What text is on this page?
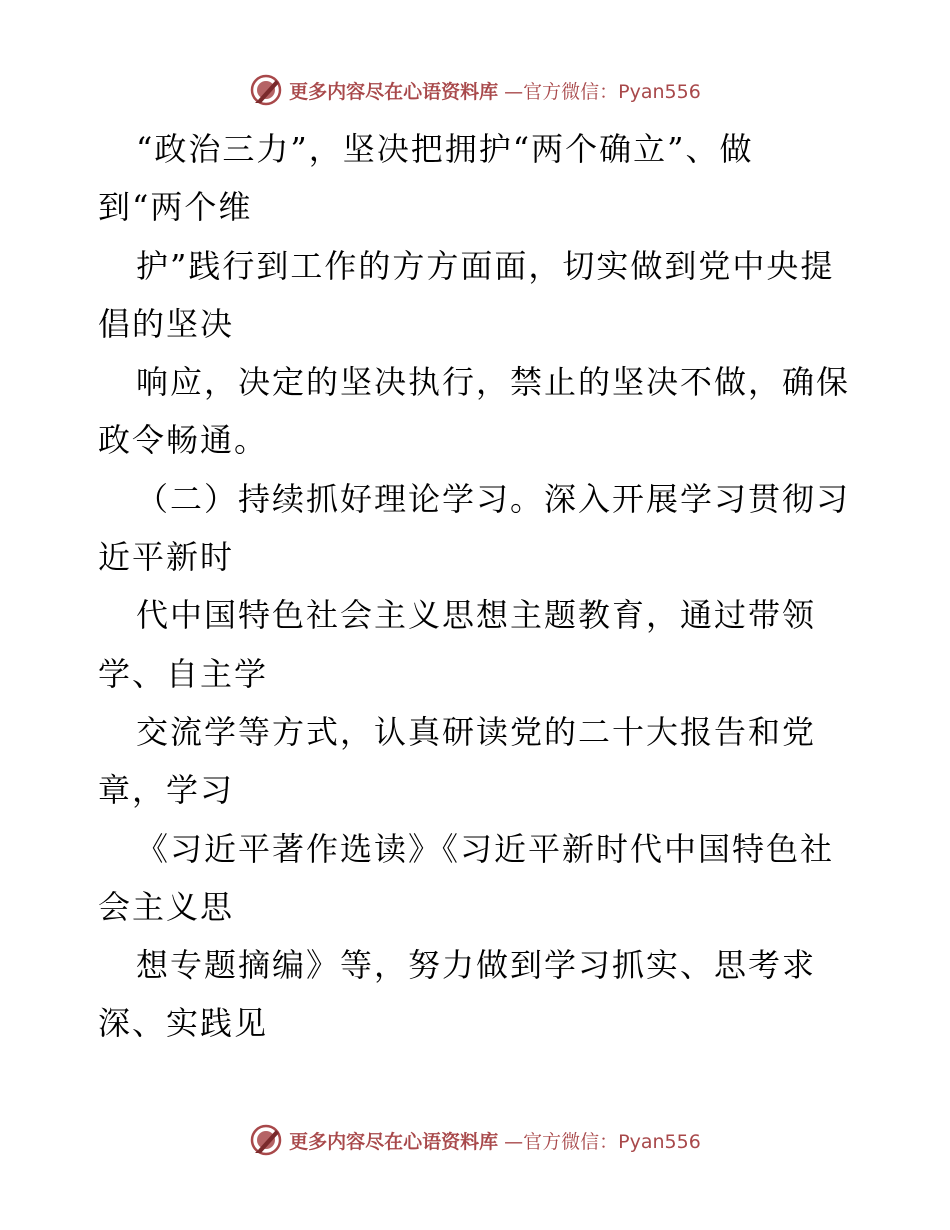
更多内容尽在心语资料库 —官方微信：Pyan556
“政治三力”，坚决把拥护“两个确立”、做
到“两个维
护”践行到工作的方方面面，切实做到党中央提
倡的坚决
响应，决定的坚决执行，禁止的坚决不做，确保
政令畅通。
（二）持续抓好理论学习。深入开展学习贯彻习
近平新时
代中国特色社会主义思想主题教育，通过带领
学、自主学
交流学等方式，认真研读党的二十大报告和党
章，学习
《习近平著作选读》《习近平新时代中国特色社
会主义思
想专题摘编》等，努力做到学习抓实、思考求
深、实践见
更多内容尽在心语资料库 —官方微信：Pyan556
